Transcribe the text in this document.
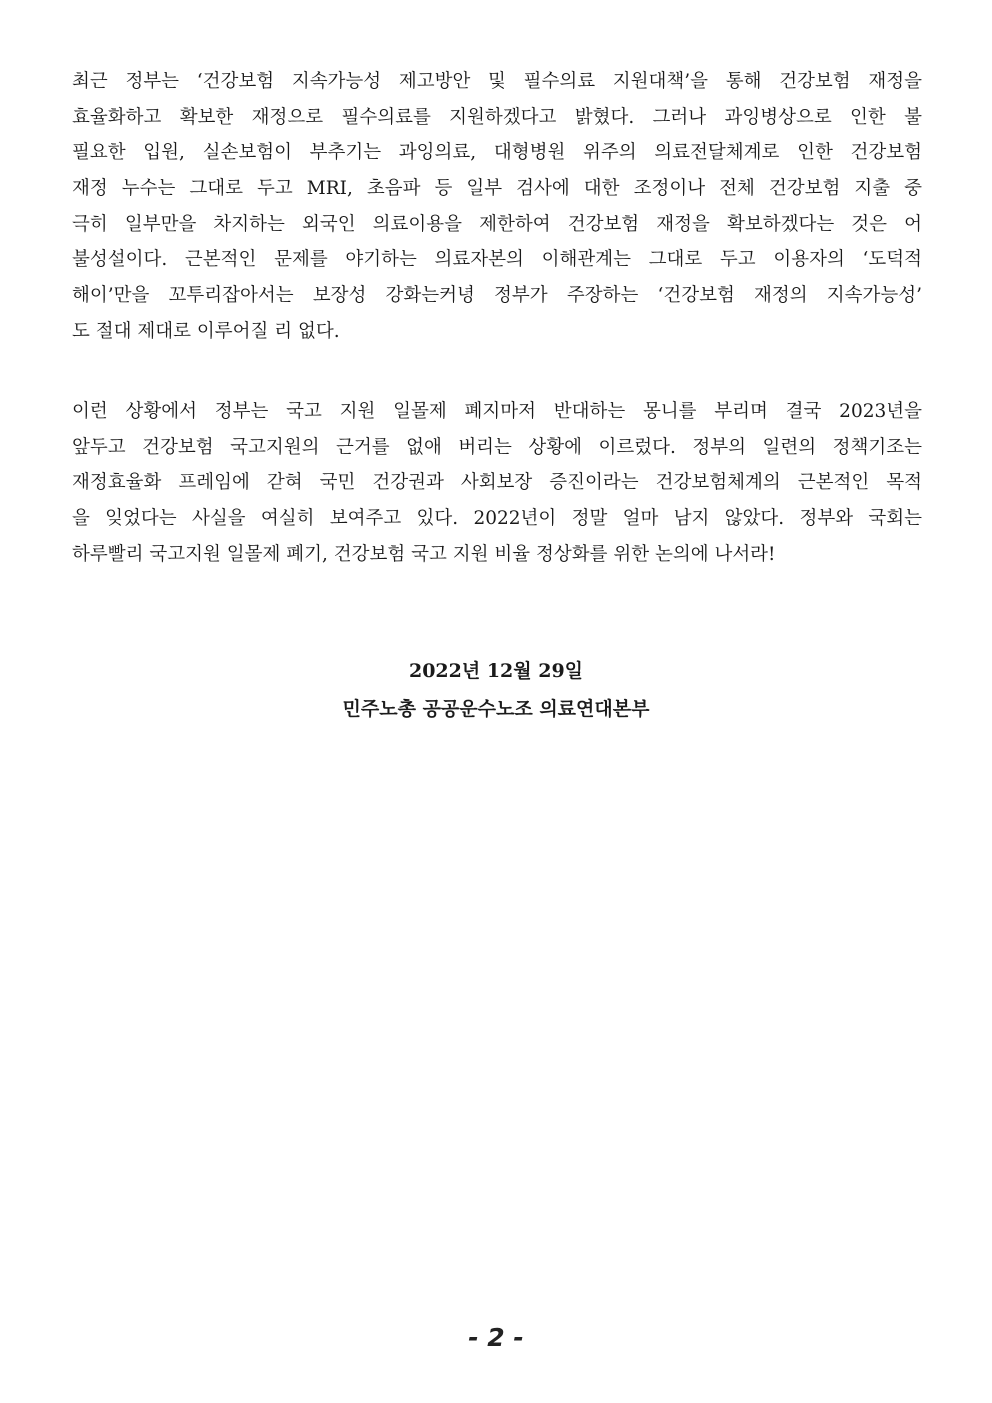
최근 정부는 ‘건강보험 지속가능성 제고방안 및 필수의료 지원대책’을 통해 건강보험 재정을
효율화하고 확보한 재정으로 필수의료를 지원하겠다고 밝혔다. 그러나 과잉병상으로 인한 불
필요한 입원, 실손보험이 부추기는 과잉의료, 대형병원 위주의 의료전달체계로 인한 건강보험
재정 누수는 그대로 두고 MRI, 초음파 등 일부 검사에 대한 조정이나 전체 건강보험 지출 중
극히 일부만을 차지하는 외국인 의료이용을 제한하여 건강보험 재정을 확보하겠다는 것은 어
불성설이다. 근본적인 문제를 야기하는 의료자본의 이해관계는 그대로 두고 이용자의 ‘도덕적
해이’만을 꼬투리잡아서는 보장성 강화는커녕 정부가 주장하는 ‘건강보험 재정의 지속가능성’
도 절대 제대로 이루어질 리 없다.
이런 상황에서 정부는 국고 지원 일몰제 폐지마저 반대하는 몽니를 부리며 결국 2023년을
앞두고 건강보험 국고지원의 근거를 없애 버리는 상황에 이르렀다. 정부의 일련의 정책기조는
재정효율화 프레임에 갇혀 국민 건강권과 사회보장 증진이라는 건강보험체계의 근본적인 목적
을 잊었다는 사실을 여실히 보여주고 있다. 2022년이 정말 얼마 남지 않았다. 정부와 국회는
하루빨리 국고지원 일몰제 폐기, 건강보험 국고 지원 비율 정상화를 위한 논의에 나서라!
2022년 12월 29일
민주노총 공공운수노조 의료연대본부
- 2 -
